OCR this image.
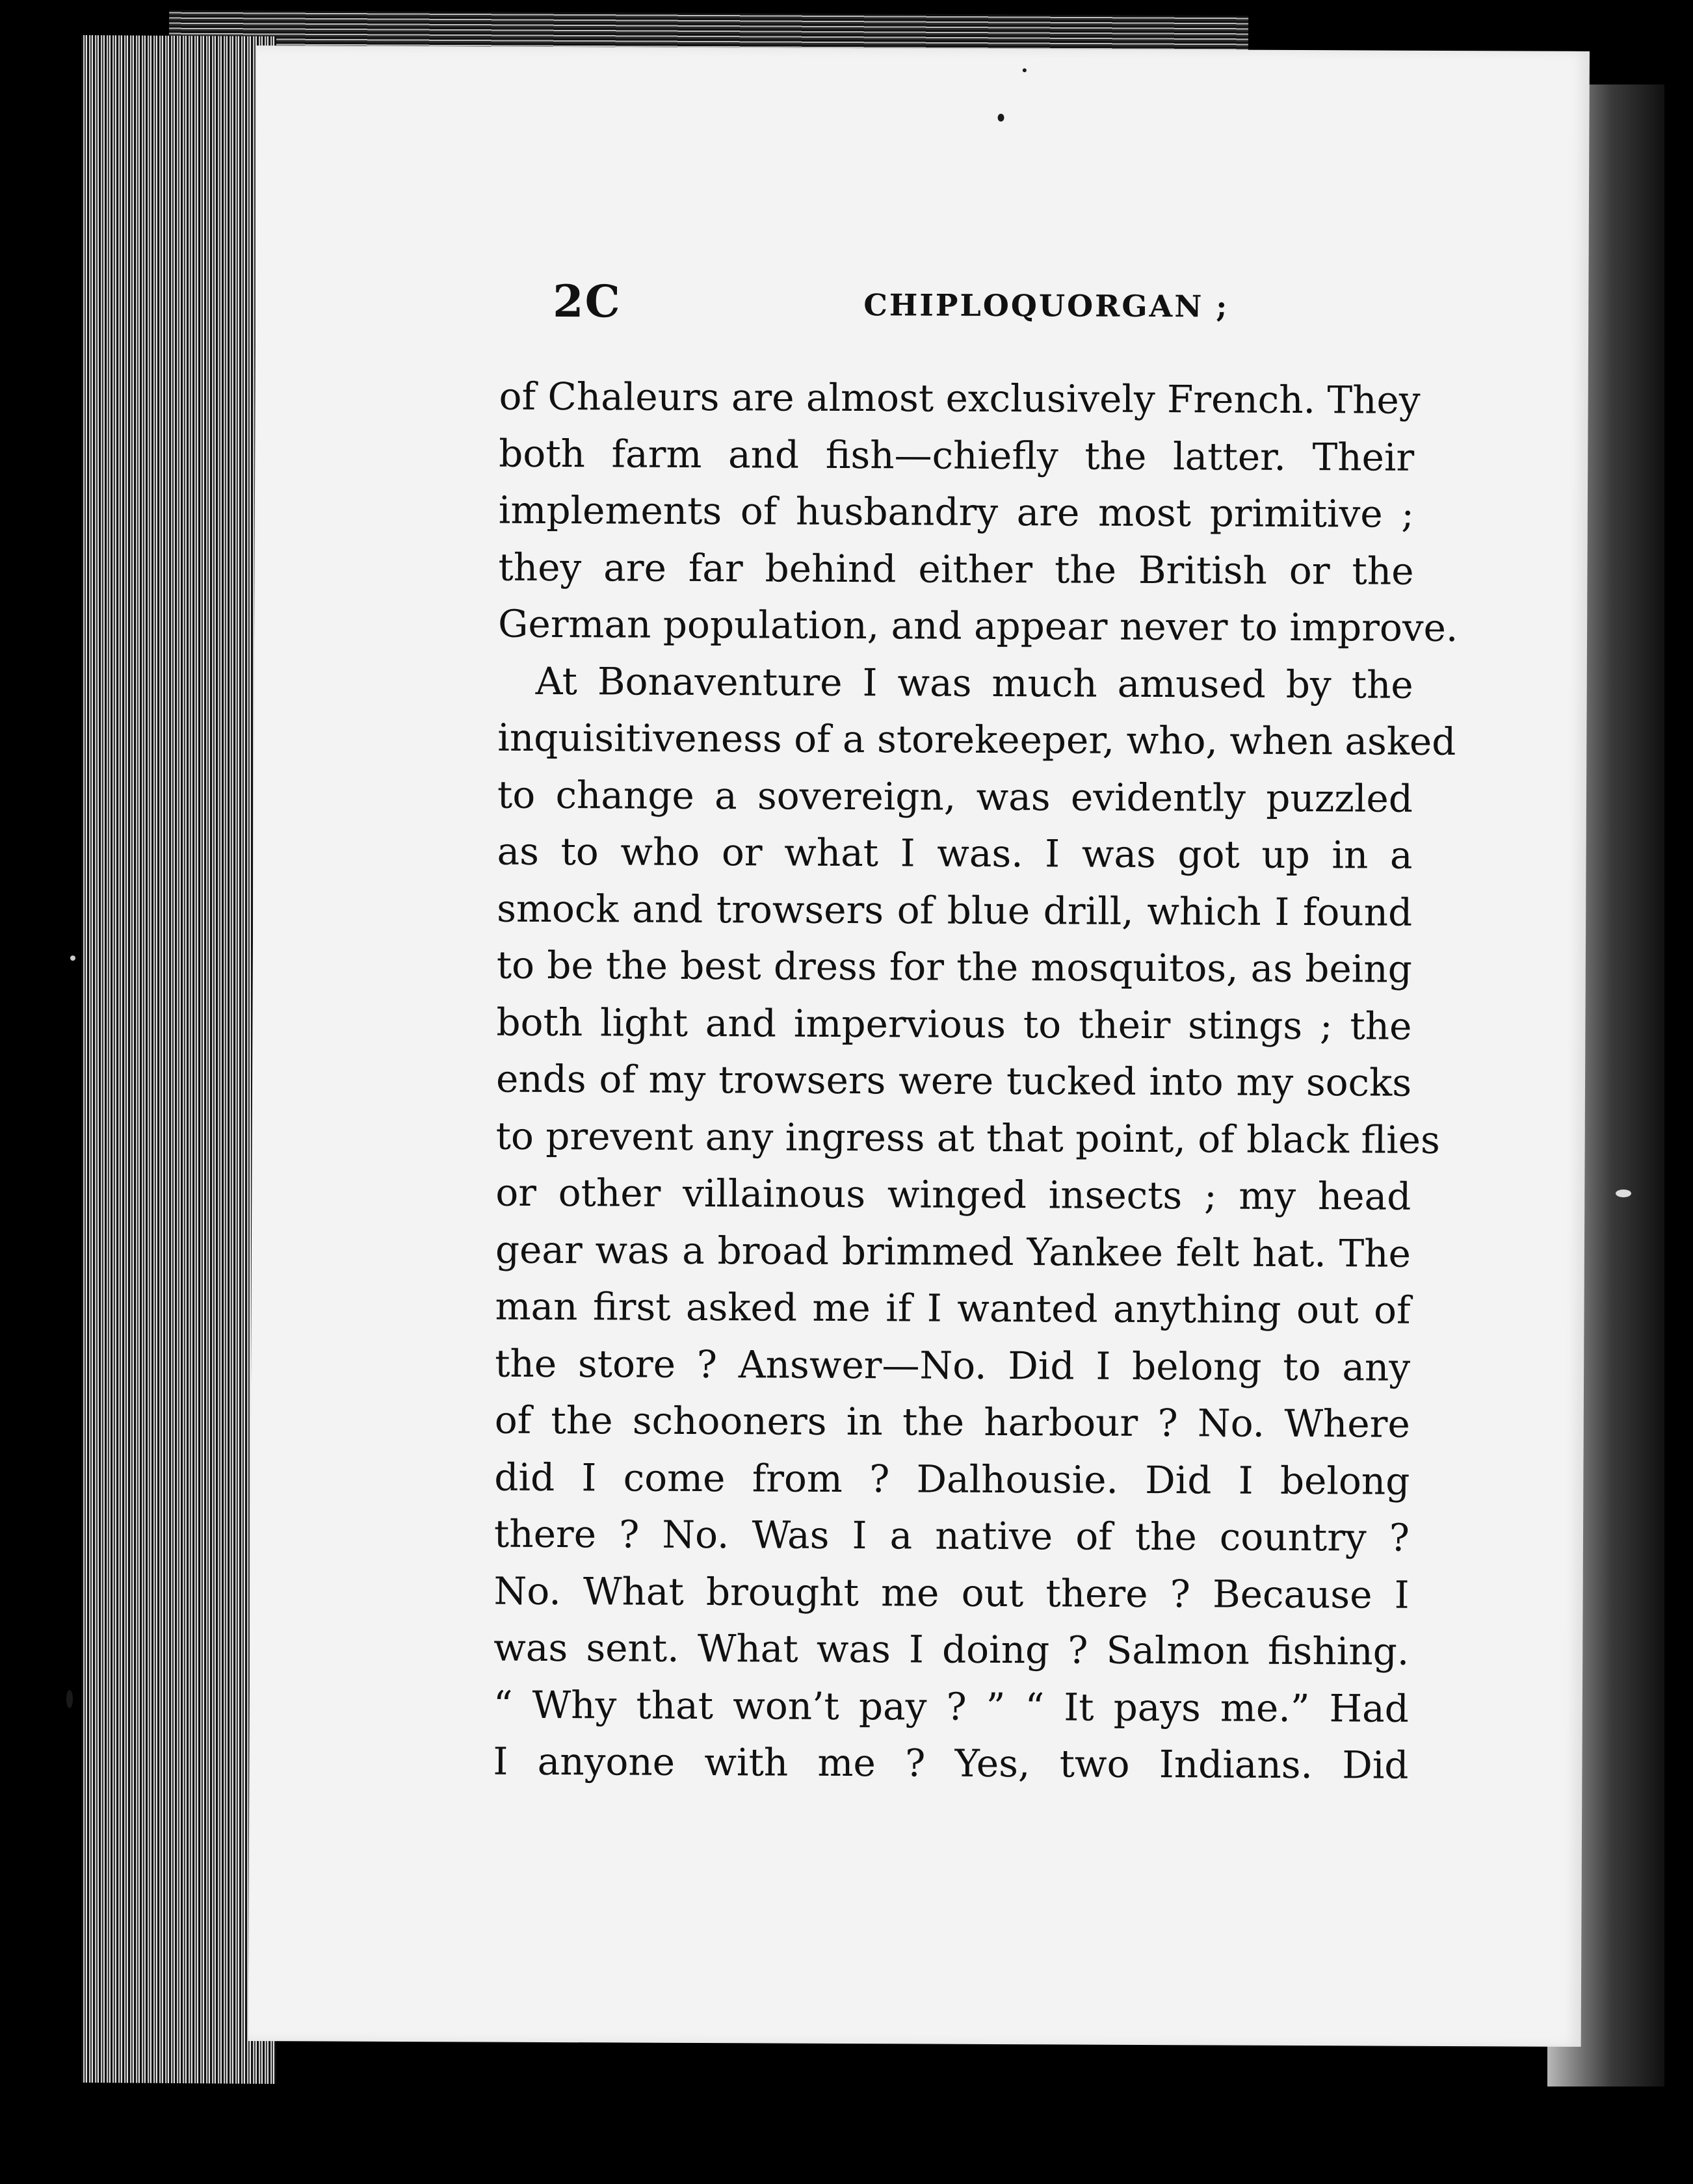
2C	CHIPLOQUORGAN ;
of Chaleurs are almost exclusively French. They
both farm and fish—chiefly the latter. Their
implements of husbandry are most primitive ;
they are far behind either the British or the
German population, and appear never to improve.
At Bonaventure I was much amused by the
inquisitiveness of a storekeeper, who, when asked
to change a sovereign, was evidently puzzled
as to who or what I was. I was got up in a
smock and trowsers of blue drill, which I found
to be the best dress for the mosquitos, as being
both light and impervious to their stings ; the
ends of my trowsers were tucked into my socks
to prevent any ingress at that point, of black flies
or other villainous winged insects ; my head
gear was a broad brimmed Yankee felt hat. The
man first asked me if I wanted anything out of
the store ? Answer—No. Did I belong to any
of the schooners in the harbour ? No. Where
did I come from ? Dalhousie. Did I belong
there ? No. Was I a native of the country ?
No. What brought me out there ? Because I
was sent. What was I doing ? Salmon fishing.
“ Why that won’t pay ? ” “ It pays me.” Had
I anyone with me ? Yes, two Indians. Did
